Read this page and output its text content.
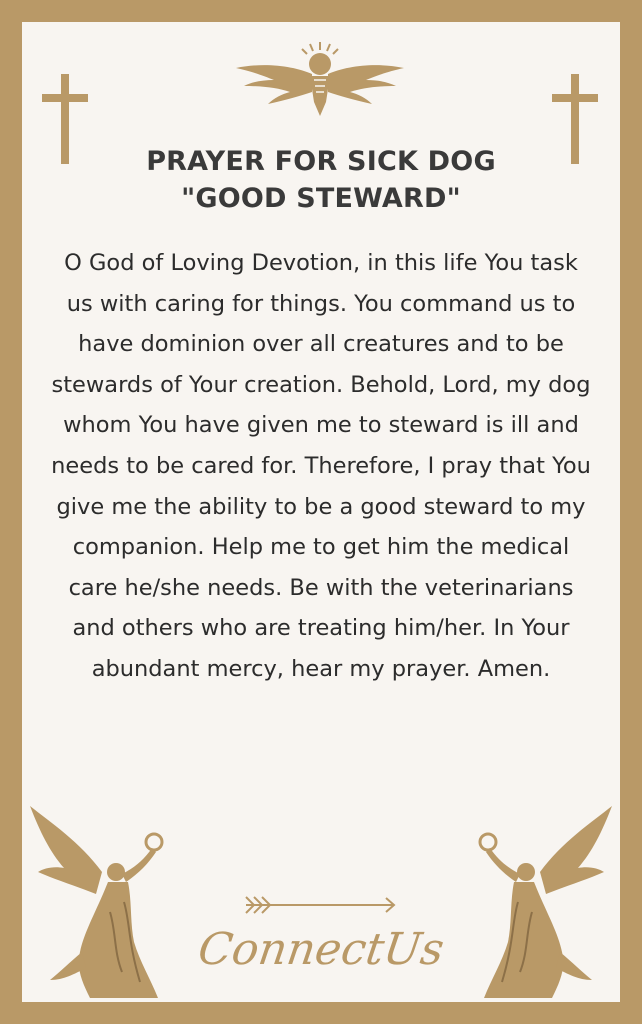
PRAYER FOR SICK DOG
"GOOD STEWARD"
O God of Loving Devotion, in this life You task us with caring for things. You command us to have dominion over all creatures and to be stewards of Your creation. Behold, Lord, my dog whom You have given me to steward is ill and needs to be cared for. Therefore, I pray that You give me the ability to be a good steward to my companion. Help me to get him the medical care he/she needs. Be with the veterinarians and others who are treating him/her. In Your abundant mercy, hear my prayer. Amen.
ConnectUs
